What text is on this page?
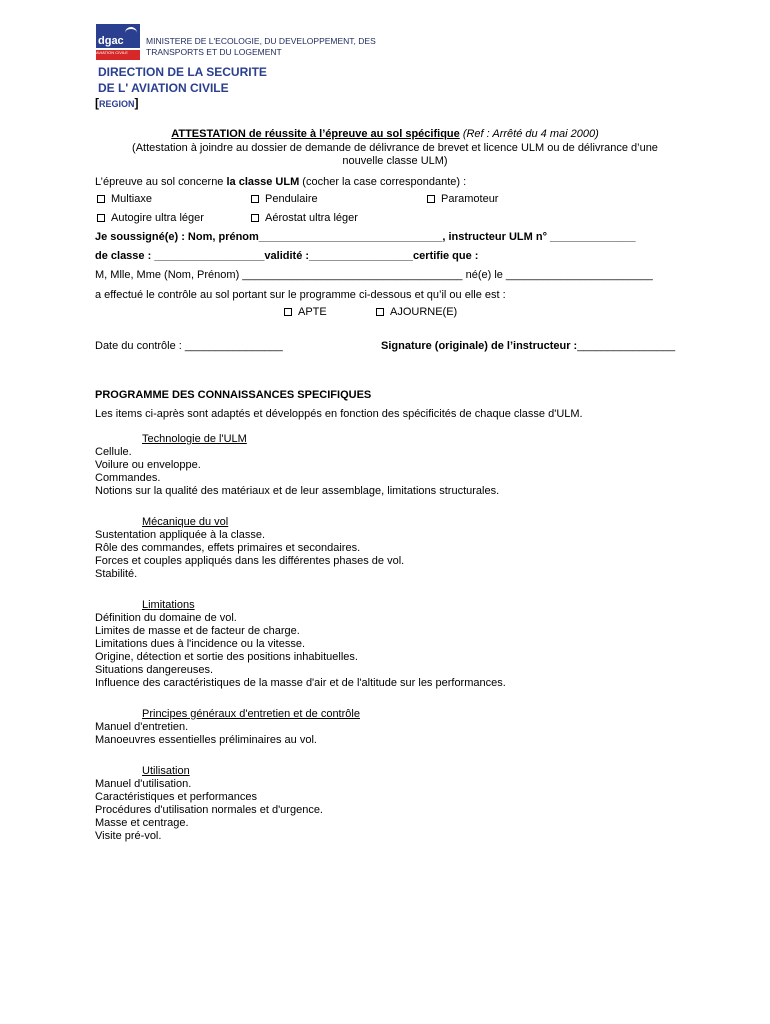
dgac
AVIATION CIVILE
MINISTERE DE L'ECOLOGIE, DU DEVELOPPEMENT, DES
TRANSPORTS ET DU LOGEMENT
DIRECTION DE LA SECURITE
DE L' AVIATION CIVILE
[REGION]
ATTESTATION de réussite à l’épreuve au sol spécifique (Ref : Arrêté du 4 mai 2000)
(Attestation à joindre au dossier de demande de délivrance de brevet et licence ULM ou de délivrance d’une
nouvelle classe ULM)
L’épreuve au sol concerne la classe ULM (cocher la case correspondante) :
Multiaxe	Pendulaire	Paramoteur
Autogire ultra léger	Aérostat ultra léger
Je soussigné(e) : Nom, prénom______________________________, instructeur ULM n° ______________
de classe : __________________validité :_________________certifie que :
M, Mlle, Mme (Nom, Prénom) ____________________________________ né(e) le ________________________
a effectué le contrôle au sol portant sur le programme ci-dessous et qu’il ou elle est :
APTE	AJOURNE(E)
Date du contrôle : ________________	Signature (originale) de l’instructeur :________________
PROGRAMME DES CONNAISSANCES SPECIFIQUES
Les items ci-après sont adaptés et développés en fonction des spécificités de chaque classe d'ULM.
Technologie de l'ULM
Cellule.
Voilure ou enveloppe.
Commandes.
Notions sur la qualité des matériaux et de leur assemblage, limitations structurales.
Mécanique du vol
Sustentation appliquée à la classe.
Rôle des commandes, effets primaires et secondaires.
Forces et couples appliqués dans les différentes phases de vol.
Stabilité.
Limitations
Définition du domaine de vol.
Limites de masse et de facteur de charge.
Limitations dues à l'incidence ou la vitesse.
Origine, détection et sortie des positions inhabituelles.
Situations dangereuses.
Influence des caractéristiques de la masse d'air et de l'altitude sur les performances.
Principes généraux d'entretien et de contrôle
Manuel d'entretien.
Manoeuvres essentielles préliminaires au vol.
Utilisation
Manuel d'utilisation.
Caractéristiques et performances
Procédures d'utilisation normales et d'urgence.
Masse et centrage.
Visite pré-vol.
